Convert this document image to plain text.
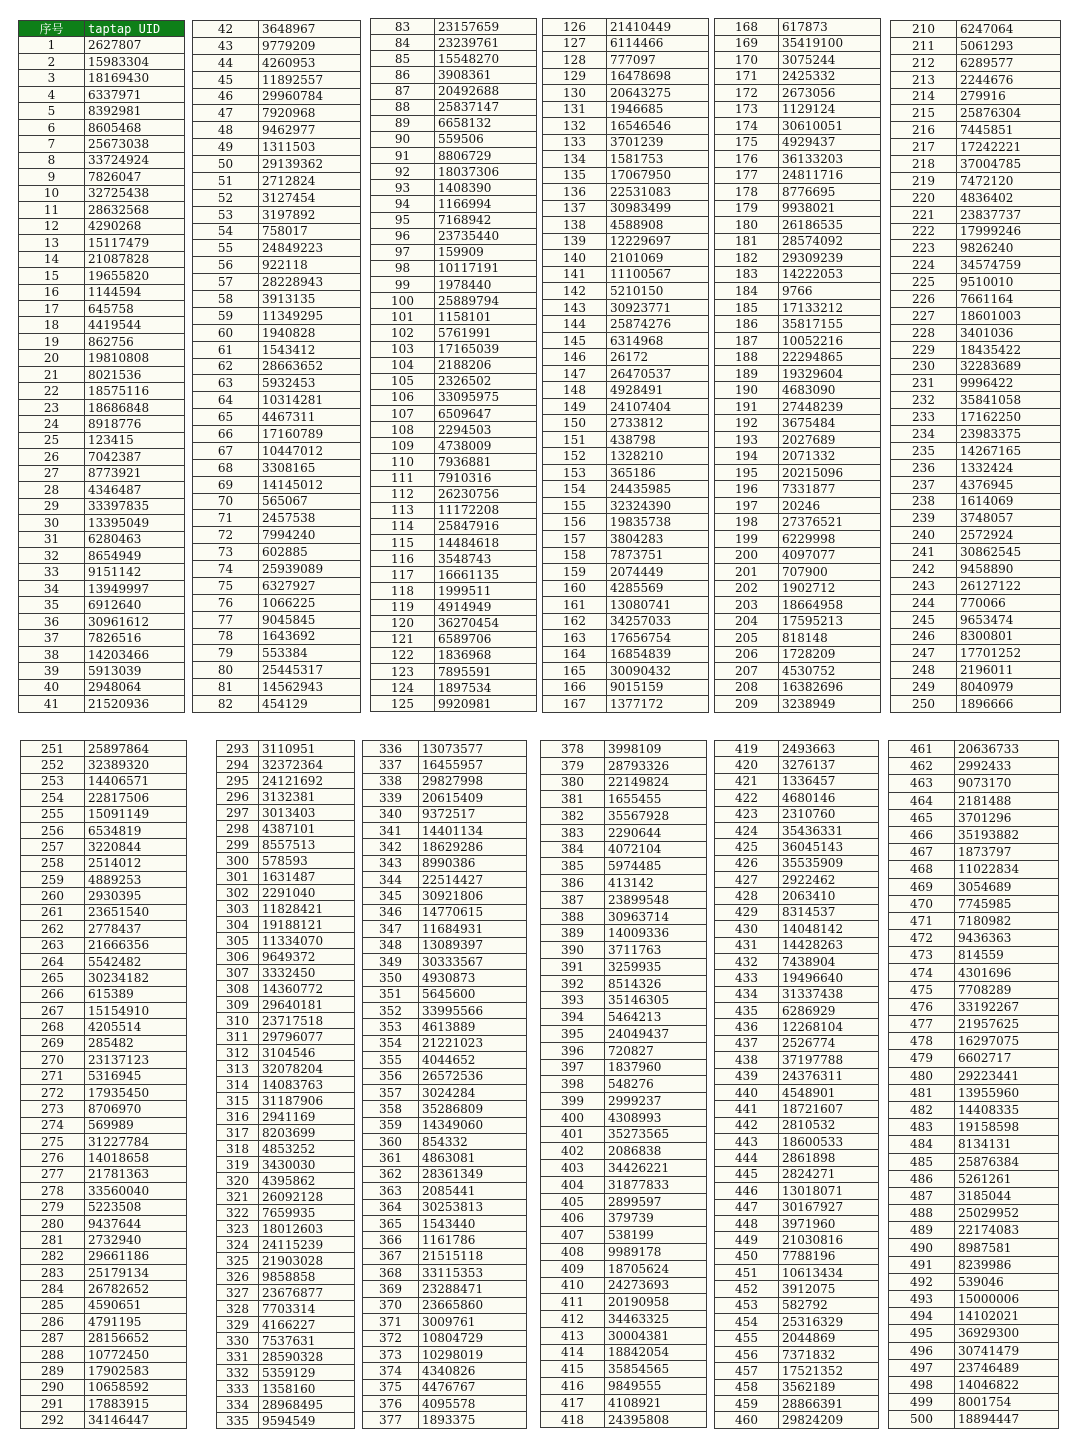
序号	taptap UID
1	2627807
2	15983304
3	18169430
4	6337971
5	8392981
6	8605468
7	25673038
8	33724924
9	7826047
10	32725438
11	28632568
12	4290268
13	15117479
14	21087828
15	19655820
16	1144594
17	645758
18	4419544
19	862756
20	19810808
21	8021536
22	18575116
23	18686848
24	8918776
25	123415
26	7042387
27	8773921
28	4346487
29	33397835
30	13395049
31	6280463
32	8654949
33	9151142
34	13949997
35	6912640
36	30961612
37	7826516
38	14203466
39	5913039
40	2948064
41	21520936
42	3648967
43	9779209
44	4260953
45	11892557
46	29960784
47	7920968
48	9462977
49	1311503
50	29139362
51	2712824
52	3127454
53	3197892
54	758017
55	24849223
56	922118
57	28228943
58	3913135
59	11349295
60	1940828
61	1543412
62	28663652
63	5932453
64	10314281
65	4467311
66	17160789
67	10447012
68	3308165
69	14145012
70	565067
71	2457538
72	7994240
73	602885
74	25939089
75	6327927
76	1066225
77	9045845
78	1643692
79	553384
80	25445317
81	14562943
82	454129
83	23157659
84	23239761
85	15548270
86	3908361
87	20492688
88	25837147
89	6658132
90	559506
91	8806729
92	18037306
93	1408390
94	1166994
95	7168942
96	23735440
97	159909
98	10117191
99	1978440
100	25889794
101	1158101
102	5761991
103	17165039
104	2188206
105	2326502
106	33095975
107	6509647
108	2294503
109	4738009
110	7936881
111	7910316
112	26230756
113	11172208
114	25847916
115	14484618
116	3548743
117	16661135
118	1999511
119	4914949
120	36270454
121	6589706
122	1836968
123	7895591
124	1897534
125	9920981
126	21410449
127	6114466
128	777097
129	16478698
130	20643275
131	1946685
132	16546546
133	3701239
134	1581753
135	17067950
136	22531083
137	30983499
138	4588908
139	12229697
140	2101069
141	11100567
142	5210150
143	30923771
144	25874276
145	6314968
146	26172
147	26470537
148	4928491
149	24107404
150	2733812
151	438798
152	1328210
153	365186
154	24435985
155	32324390
156	19835738
157	3804283
158	7873751
159	2074449
160	4285569
161	13080741
162	34257033
163	17656754
164	16854839
165	30090432
166	9015159
167	1377172
168	617873
169	35419100
170	3075244
171	2425332
172	2673056
173	1129124
174	30610051
175	4929437
176	36133203
177	24811716
178	8776695
179	9938021
180	26186535
181	28574092
182	29309239
183	14222053
184	9766
185	17133212
186	35817155
187	10052216
188	22294865
189	19329604
190	4683090
191	27448239
192	3675484
193	2027689
194	2071332
195	20215096
196	7331877
197	20246
198	27376521
199	6229998
200	4097077
201	707900
202	1902712
203	18664958
204	17595213
205	818148
206	1728209
207	4530752
208	16382696
209	3238949
210	6247064
211	5061293
212	6289577
213	2244676
214	279916
215	25876304
216	7445851
217	17242221
218	37004785
219	7472120
220	4836402
221	23837737
222	17999246
223	9826240
224	34574759
225	9510010
226	7661164
227	18601003
228	3401036
229	18435422
230	32283689
231	9996422
232	35841058
233	17162250
234	23983375
235	14267165
236	1332424
237	4376945
238	1614069
239	3748057
240	2572924
241	30862545
242	9458890
243	26127122
244	770066
245	9653474
246	8300801
247	17701252
248	2196011
249	8040979
250	1896666
251	25897864
252	32389320
253	14406571
254	22817506
255	15091149
256	6534819
257	3220844
258	2514012
259	4889253
260	2930395
261	23651540
262	2778437
263	21666356
264	5542482
265	30234182
266	615389
267	15154910
268	4205514
269	285482
270	23137123
271	5316945
272	17935450
273	8706970
274	569989
275	31227784
276	14018658
277	21781363
278	33560040
279	5223508
280	9437644
281	2732940
282	29661186
283	25179134
284	26782652
285	4590651
286	4791195
287	28156652
288	10772450
289	17902583
290	10658592
291	17883915
292	34146447
293	3110951
294	32372364
295	24121692
296	3132381
297	3013403
298	4387101
299	8557513
300	578593
301	1631487
302	2291040
303	11828421
304	19188121
305	11334070
306	9649372
307	3332450
308	14360772
309	29640181
310	23717518
311	29796077
312	3104546
313	32078204
314	14083763
315	31187906
316	2941169
317	8203699
318	4853252
319	3430030
320	4395862
321	26092128
322	7659935
323	18012603
324	24115239
325	21903028
326	9858858
327	23676877
328	7703314
329	4166227
330	7537631
331	28590328
332	5359129
333	1358160
334	28968495
335	9594549
336	13073577
337	16455957
338	29827998
339	20615409
340	9372517
341	14401134
342	18629286
343	8990386
344	22514427
345	30921806
346	14770615
347	11684931
348	13089397
349	30333567
350	4930873
351	5645600
352	33995566
353	4613889
354	21221023
355	4044652
356	26572536
357	3024284
358	35286809
359	14349060
360	854332
361	4863081
362	28361349
363	2085441
364	30253813
365	1543440
366	1161786
367	21515118
368	33115353
369	23288471
370	23665860
371	3009761
372	10804729
373	10298019
374	4340826
375	4476767
376	4095578
377	1893375
378	3998109
379	28793326
380	22149824
381	1655455
382	35567928
383	2290644
384	4072104
385	5974485
386	413142
387	23899548
388	30963714
389	14009336
390	3711763
391	3259935
392	8514326
393	35146305
394	5464213
395	24049437
396	720827
397	1837960
398	548276
399	2999237
400	4308993
401	35273565
402	2086838
403	34426221
404	31877833
405	2899597
406	379739
407	538199
408	9989178
409	18705624
410	24273693
411	20190958
412	34463325
413	30004381
414	18842054
415	35854565
416	9849555
417	4108921
418	24395808
419	2493663
420	3276137
421	1336457
422	4680146
423	2310760
424	35436331
425	36045143
426	35535909
427	2922462
428	2063410
429	8314537
430	14048142
431	14428263
432	7438904
433	19496640
434	31337438
435	6286929
436	12268104
437	2526774
438	37197788
439	24376311
440	4548901
441	18721607
442	2810532
443	18600533
444	2861898
445	2824271
446	13018071
447	30167927
448	3971960
449	21030816
450	7788196
451	10613434
452	3912075
453	582792
454	25316329
455	2044869
456	7371832
457	17521352
458	3562189
459	28866391
460	29824209
461	20636733
462	2992433
463	9073170
464	2181488
465	3701296
466	35193882
467	1873797
468	11022834
469	3054689
470	7745985
471	7180982
472	9436363
473	814559
474	4301696
475	7708289
476	33192267
477	21957625
478	16297075
479	6602717
480	29223441
481	13955960
482	14408335
483	19158598
484	8134131
485	25876384
486	5261261
487	3185044
488	25029952
489	22174083
490	8987581
491	8239986
492	539046
493	15000006
494	14102021
495	36929300
496	30741479
497	23746489
498	14046822
499	8001754
500	18894447
